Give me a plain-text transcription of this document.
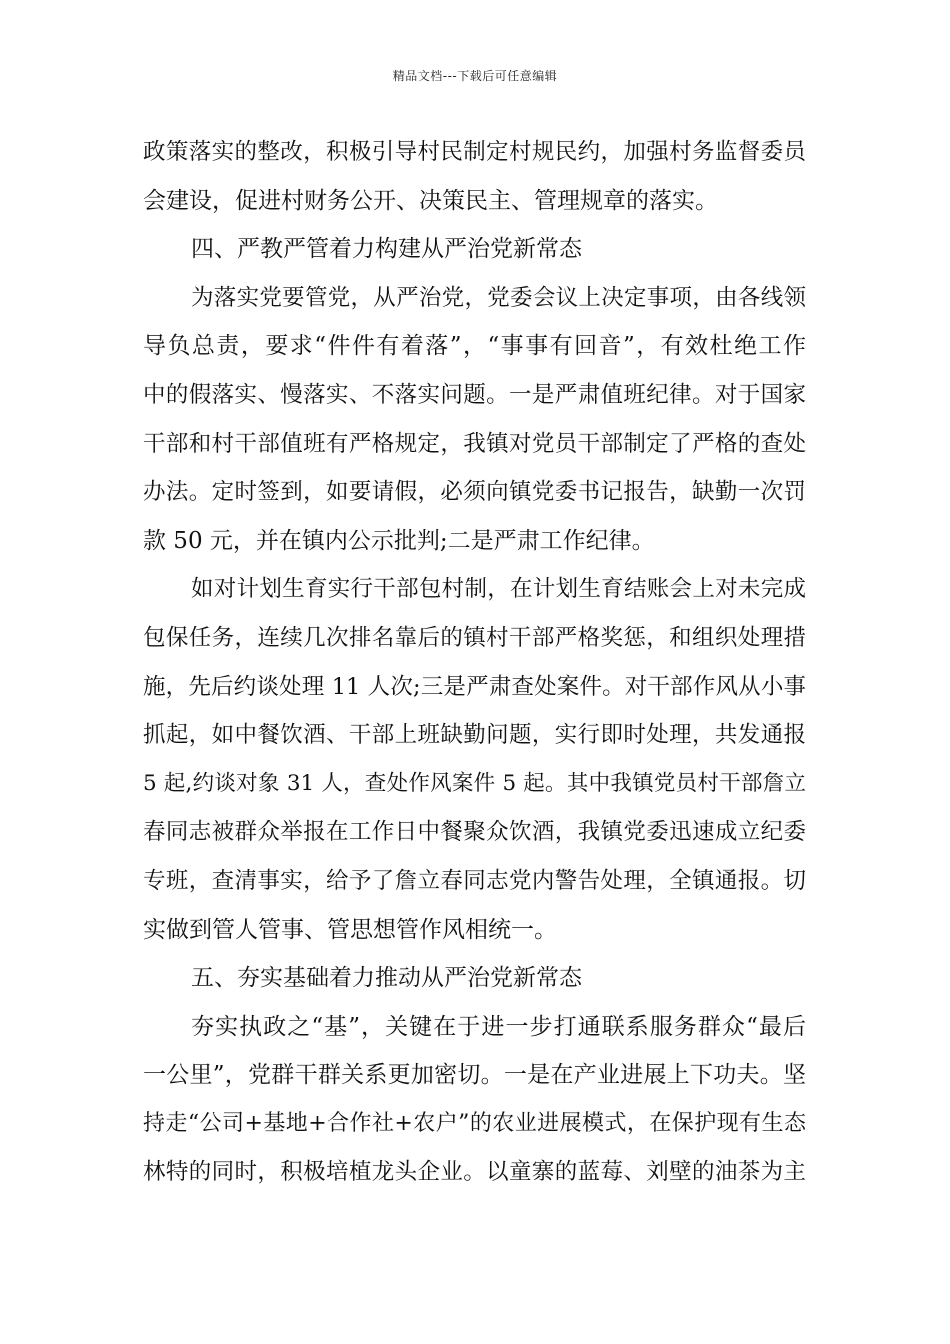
精品文档---下载后可任意编辑
政策落实的整改，积极引导村民制定村规民约，加强村务监督委员
会建设，促进村财务公开、决策民主、管理规章的落实。
四、严教严管着力构建从严治党新常态
为落实党要管党，从严治党，党委会议上决定事项，由各线领
导负总责，要求“件件有着落”，“事事有回音”，有效杜绝工作
中的假落实、慢落实、不落实问题。一是严肃值班纪律。对于国家
干部和村干部值班有严格规定，我镇对党员干部制定了严格的查处
办法。定时签到，如要请假，必须向镇党委书记报告，缺勤一次罚
款 50 元，并在镇内公示批判;二是严肃工作纪律。
如对计划生育实行干部包村制，在计划生育结账会上对未完成
包保任务，连续几次排名靠后的镇村干部严格奖惩，和组织处理措
施，先后约谈处理 11 人次;三是严肃查处案件。对干部作风从小事
抓起，如中餐饮酒、干部上班缺勤问题，实行即时处理，共发通报
5 起,约谈对象 31 人，查处作风案件 5 起。其中我镇党员村干部詹立
春同志被群众举报在工作日中餐聚众饮酒，我镇党委迅速成立纪委
专班，查清事实，给予了詹立春同志党内警告处理，全镇通报。切
实做到管人管事、管思想管作风相统一。
五、夯实基础着力推动从严治党新常态
夯实执政之“基”，关键在于进一步打通联系服务群众“最后
一公里”，党群干群关系更加密切。一是在产业进展上下功夫。坚
持走“公司+基地+合作社+农户”的农业进展模式，在保护现有生态
林特的同时，积极培植龙头企业。以童寨的蓝莓、刘壁的油茶为主
